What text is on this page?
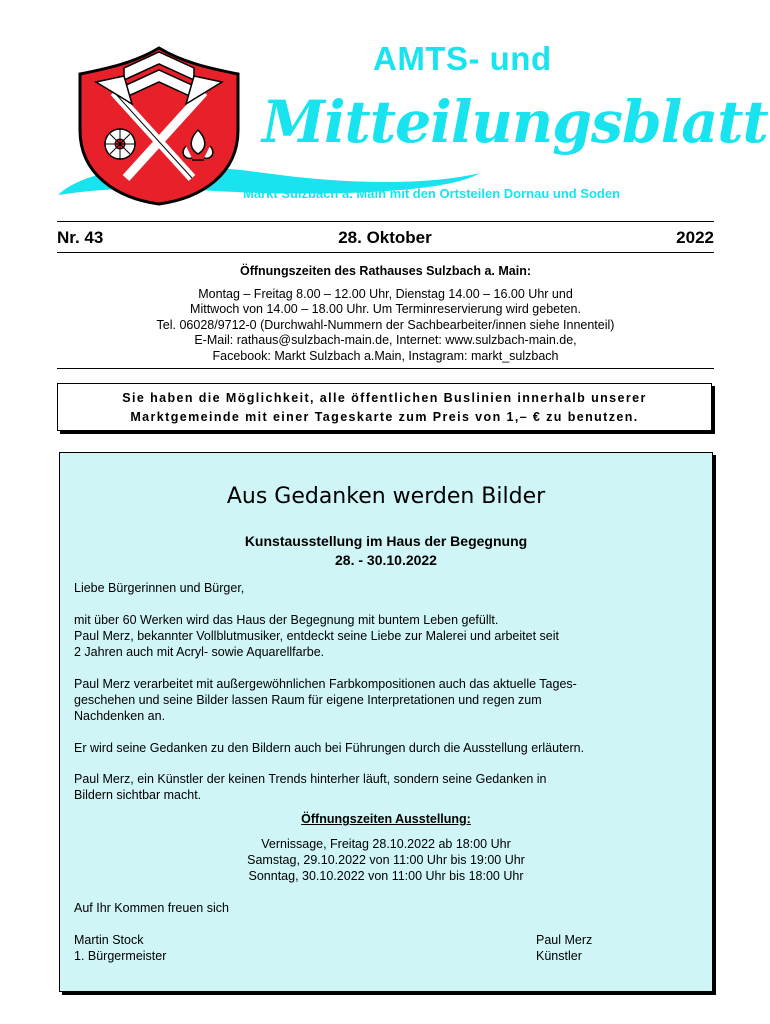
AMTS- und
Mitteilungsblatt
Markt Sulzbach a. Main mit den Ortsteilen Dornau und Soden
Nr. 43	28. Oktober	2022
Öffnungszeiten des Rathauses Sulzbach a. Main:
Montag – Freitag 8.00 – 12.00 Uhr, Dienstag 14.00 – 16.00 Uhr und
Mittwoch von 14.00 – 18.00 Uhr. Um Terminreservierung wird gebeten.
Tel. 06028/9712-0 (Durchwahl-Nummern der Sachbearbeiter/innen siehe Innenteil)
E-Mail: rathaus@sulzbach-main.de, Internet: www.sulzbach-main.de,
Facebook: Markt Sulzbach a.Main, Instagram: markt_sulzbach
Sie haben die Möglichkeit, alle öffentlichen Buslinien innerhalb unserer
Marktgemeinde mit einer Tageskarte zum Preis von 1,– € zu benutzen.
Aus Gedanken werden Bilder
Kunstausstellung im Haus der Begegnung
28. - 30.10.2022
Liebe Bürgerinnen und Bürger,
mit über 60 Werken wird das Haus der Begegnung mit buntem Leben gefüllt.
Paul Merz, bekannter Vollblutmusiker, entdeckt seine Liebe zur Malerei und arbeitet seit
2 Jahren auch mit Acryl- sowie Aquarellfarbe.
Paul Merz verarbeitet mit außergewöhnlichen Farbkompositionen auch das aktuelle Tages-
geschehen und seine Bilder lassen Raum für eigene Interpretationen und regen zum
Nachdenken an.
Er wird seine Gedanken zu den Bildern auch bei Führungen durch die Ausstellung erläutern.
Paul Merz, ein Künstler der keinen Trends hinterher läuft, sondern seine Gedanken in
Bildern sichtbar macht.
Öffnungszeiten Ausstellung:
Vernissage, Freitag 28.10.2022 ab 18:00 Uhr
Samstag, 29.10.2022 von 11:00 Uhr bis 19:00 Uhr
Sonntag, 30.10.2022 von 11:00 Uhr bis 18:00 Uhr
Auf Ihr Kommen freuen sich
Martin Stock
1. Bürgermeister
Paul Merz
Künstler
